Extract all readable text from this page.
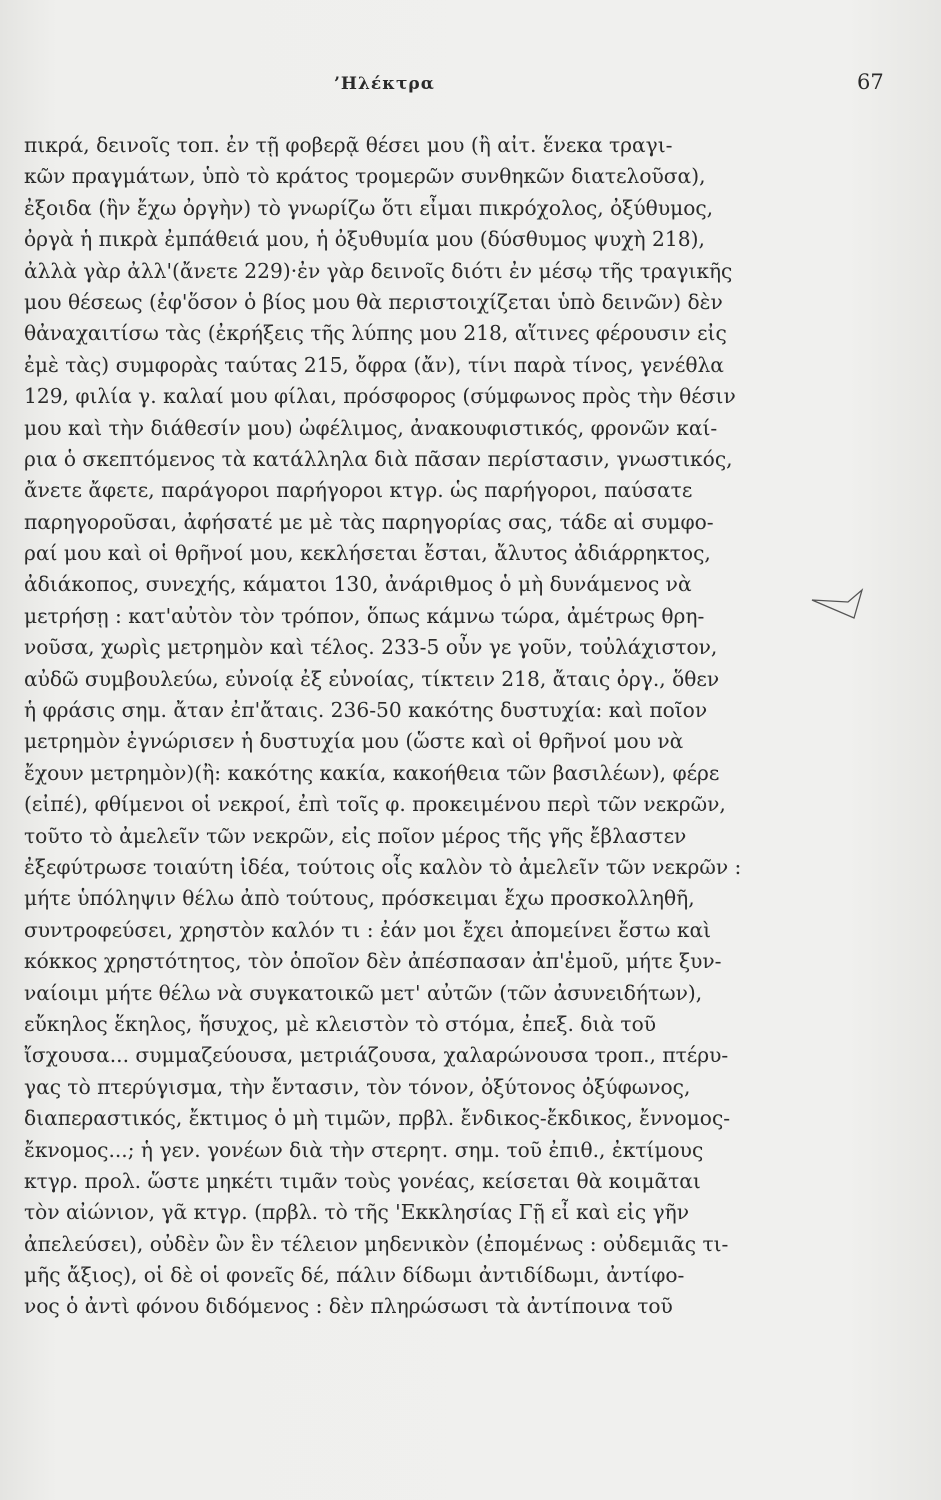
’Ηλέκτρα	67
πικρά, δεινοῖς τοπ. ἐν τῇ φοβερᾷ θέσει μου (ἢ αἰτ. ἕνεκα τραγι-
κῶν πραγμάτων, ὑπὸ τὸ κράτος τρομερῶν συνθηκῶν διατελοῦσα),
ἐξοιδα (ἣν ἔχω ὀργὴν) τὸ γνωρίζω ὅτι εἶμαι πικρόχολος, ὀξύθυμος,
ὀργὰ ἡ πικρὰ ἐμπάθειά μου, ἡ ὀξυθυμία μου (δύσθυμος ψυχὴ 218),
ἀλλὰ γὰρ ἀλλ'(ἄνετε 229)·ἐν γὰρ δεινοῖς διότι ἐν μέσῳ τῆς τραγικῆς
μου θέσεως (ἐφ'ὅσον ὁ βίος μου θὰ περιστοιχίζεται ὑπὸ δεινῶν) δὲν
θἀναχαιτίσω τὰς (ἐκρήξεις τῆς λύπης μου 218, αἵτινες φέρουσιν εἰς
ἐμὲ τὰς) συμφορὰς ταύτας 215, ὄφρα (ἄν), τίνι παρὰ τίνος, γενέθλα
129, φιλία γ. καλαί μου φίλαι, πρόσφορος (σύμφωνος πρὸς τὴν θέσιν
μου καὶ τὴν διάθεσίν μου) ὠφέλιμος, ἀνακουφιστικός, φρονῶν καί-
ρια ὁ σκεπτόμενος τὰ κατάλληλα διὰ πᾶσαν περίστασιν, γνωστικός,
ἄνετε ἄφετε, παράγοροι παρήγοροι κτγρ. ὡς παρήγοροι, παύσατε
παρηγοροῦσαι, ἀφήσατέ με μὲ τὰς παρηγορίας σας, τάδε αἱ συμφο-
ραί μου καὶ οἱ θρῆνοί μου, κεκλήσεται ἔσται, ἄλυτος ἀδιάρρηκτος,
ἀδιάκοπος, συνεχής, κάματοι 130, ἀνάριθμος ὁ μὴ δυνάμενος νὰ
μετρήσῃ : κατ'αὐτὸν τὸν τρόπον, ὅπως κάμνω τώρα, ἀμέτρως θρη-
νοῦσα, χωρὶς μετρημὸν καὶ τέλος. 233-5 οὖν γε γοῦν, τοὐλάχιστον,
αὐδῶ συμβουλεύω, εὐνοίᾳ ἐξ εὐνοίας, τίκτειν 218, ἄταις ὀργ., ὅθεν
ἡ φράσις σημ. ἄταν ἐπ'ἄταις. 236-50 κακότης δυστυχία: καὶ ποῖον
μετρημὸν ἐγνώρισεν ἡ δυστυχία μου (ὥστε καὶ οἱ θρῆνοί μου νὰ
ἔχουν μετρημὸν)(ἢ: κακότης κακία, κακοήθεια τῶν βασιλέων), φέρε
(εἰπέ), φθίμενοι οἱ νεκροί, ἐπὶ τοῖς φ. προκειμένου περὶ τῶν νεκρῶν,
τοῦτο τὸ ἀμελεῖν τῶν νεκρῶν, εἰς ποῖον μέρος τῆς γῆς ἔβλαστεν
ἐξεφύτρωσε τοιαύτη ἰδέα, τούτοις οἷς καλὸν τὸ ἀμελεῖν τῶν νεκρῶν :
μήτε ὑπόληψιν θέλω ἀπὸ τούτους, πρόσκειμαι ἔχω προσκολληθῆ,
συντροφεύσει, χρηστὸν καλόν τι : ἐάν μοι ἔχει ἀπομείνει ἔστω καὶ
κόκκος χρηστότητος, τὸν ὁποῖον δὲν ἀπέσπασαν ἀπ'ἐμοῦ, μήτε ξυν-
ναίοιμι μήτε θέλω νὰ συγκατοικῶ μετ' αὐτῶν (τῶν ἀσυνειδήτων),
εὔκηλος ἕκηλος, ἥσυχος, μὲ κλειστὸν τὸ στόμα, ἐπεξ. διὰ τοῦ
ἴσχουσα... συμμαζεύουσα, μετριάζουσα, χαλαρώνουσα τροπ., πτέρυ-
γας τὸ πτερύγισμα, τὴν ἔντασιν, τὸν τόνον, ὀξύτονος ὀξύφωνος,
διαπεραστικός, ἔκτιμος ὁ μὴ τιμῶν, πρβλ. ἔνδικος-ἔκδικος, ἔννομος-
ἔκνομος...; ἡ γεν. γονέων διὰ τὴν στερητ. σημ. τοῦ ἐπιθ., ἐκτίμους
κτγρ. προλ. ὥστε μηκέτι τιμᾶν τοὺς γονέας, κείσεται θὰ κοιμᾶται
τὸν αἰώνιον, γᾶ κτγρ. (πρβλ. τὸ τῆς 'Εκκλησίας Γῇ εἶ καὶ εἰς γῆν
ἀπελεύσει), οὐδὲν ὢν ἓν τέλειον μηδενικὸν (ἐπομένως : οὐδεμιᾶς τι-
μῆς ἄξιος), οἱ δὲ οἱ φονεῖς δέ, πάλιν δίδωμι ἀντιδίδωμι, ἀντίφο-
νος ὁ ἀντὶ φόνου διδόμενος : δὲν πληρώσωσι τὰ ἀντίποινα τοῦ
